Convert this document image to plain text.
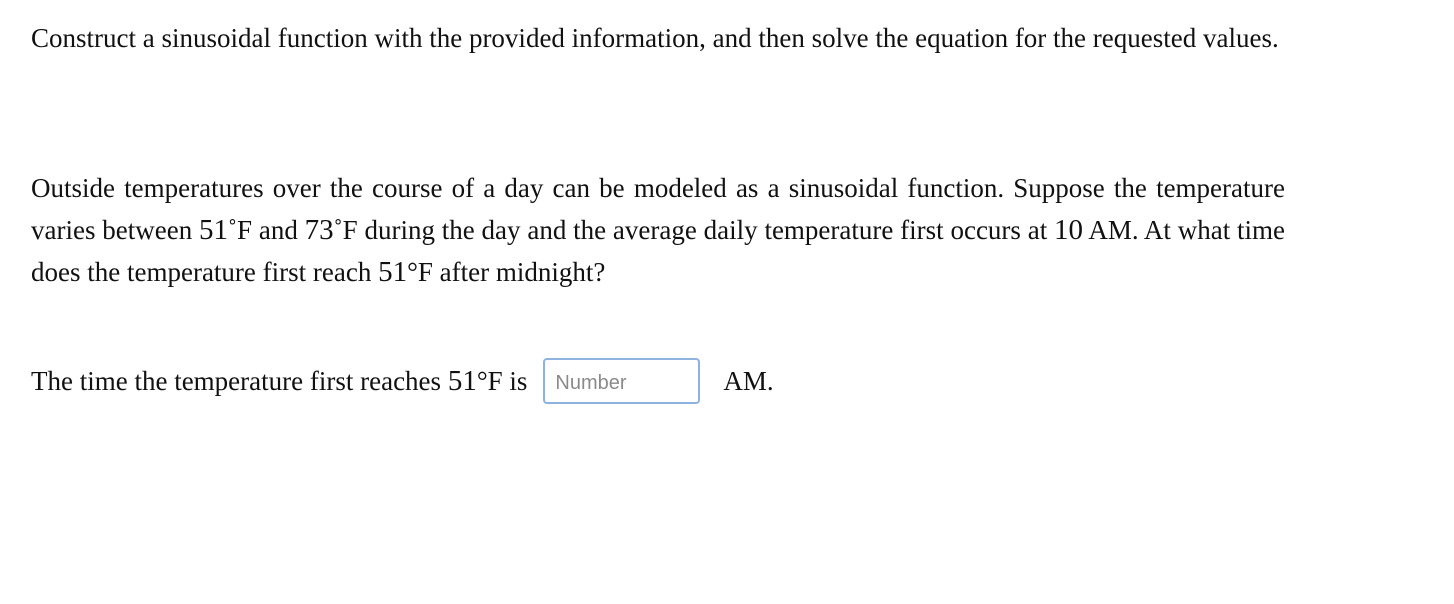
Construct a sinusoidal function with the provided information, and then solve the equation for the requested values.

Outside temperatures over the course of a day can be modeled as a sinusoidal function. Suppose the temperature varies between 51˚F and 73˚F during the day and the average daily temperature first occurs at 10 AM. At what time does the temperature first reach 51°F after midnight?

The time the temperature first reaches 51°F is
Number	AM.
